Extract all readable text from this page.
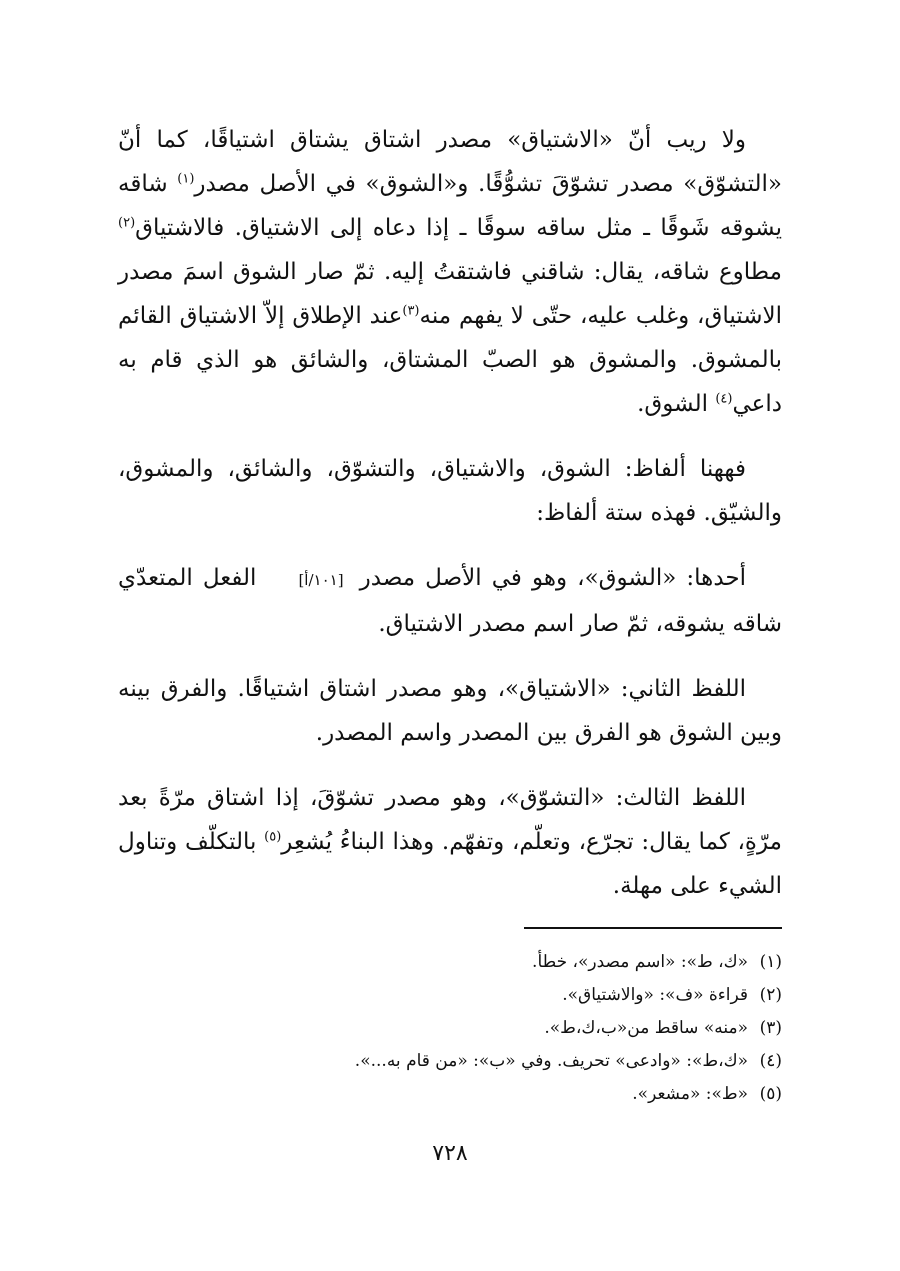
ولا ريب أنّ «الاشتياق» مصدر اشتاق يشتاق اشتياقًا، كما أنّ «التشوّق» مصدر تشوّقَ تشوُّقًا. و«الشوق» في الأصل مصدر$^{(١)}$ شاقه يشوقه شَوقًا ـ مثل ساقه سوقًا ـ إذا دعاه إلى الاشتياق. فالاشتياق$^{(٢)}$ مطاوع شاقه، يقال: شاقني فاشتقتُ إليه. ثمّ صار الشوق اسمَ مصدر الاشتياق، وغلب عليه، حتّى لا يفهم منه$^{(٣)}$عند الإطلاق إلاّ الاشتياق القائم بالمشوق. والمشوق هو الصبّ المشتاق، والشائق هو الذي قام به داعي$^{(٤)}$ الشوق.

فههنا ألفاظ: الشوق، والاشتياق، والتشوّق، والشائق، والمشوق، والشيّق. فهذه ستة ألفاظ:

أحدها: «الشوق»، وهو في الأصل مصدر [١٠١/أ]الفعل المتعدّي شاقه يشوقه، ثمّ صار اسم مصدر الاشتياق.

اللفظ الثاني: «الاشتياق»، وهو مصدر اشتاق اشتياقًا. والفرق بينه وبين الشوق هو الفرق بين المصدر واسم المصدر.

اللفظ الثالث: «التشوّق»، وهو مصدر تشوّقَ، إذا اشتاق مرّةً بعد مرّةٍ، كما يقال: تجرّع، وتعلّم، وتفهّم. وهذا البناءُ يُشعِر$^{(٥)}$ بالتكلّف وتناول الشيء على مهلة.

(١)«ك، ط»: «اسم مصدر»، خطأ.
(٢)قراءة «ف»: «والاشتياق».
(٣)«منه» ساقط من«ب،ك،ط».
(٤)«ك،ط»: «وادعى» تحريف. وفي «ب»: «من قام به...».
(٥)«ط»: «مشعر».
٧٢٨
